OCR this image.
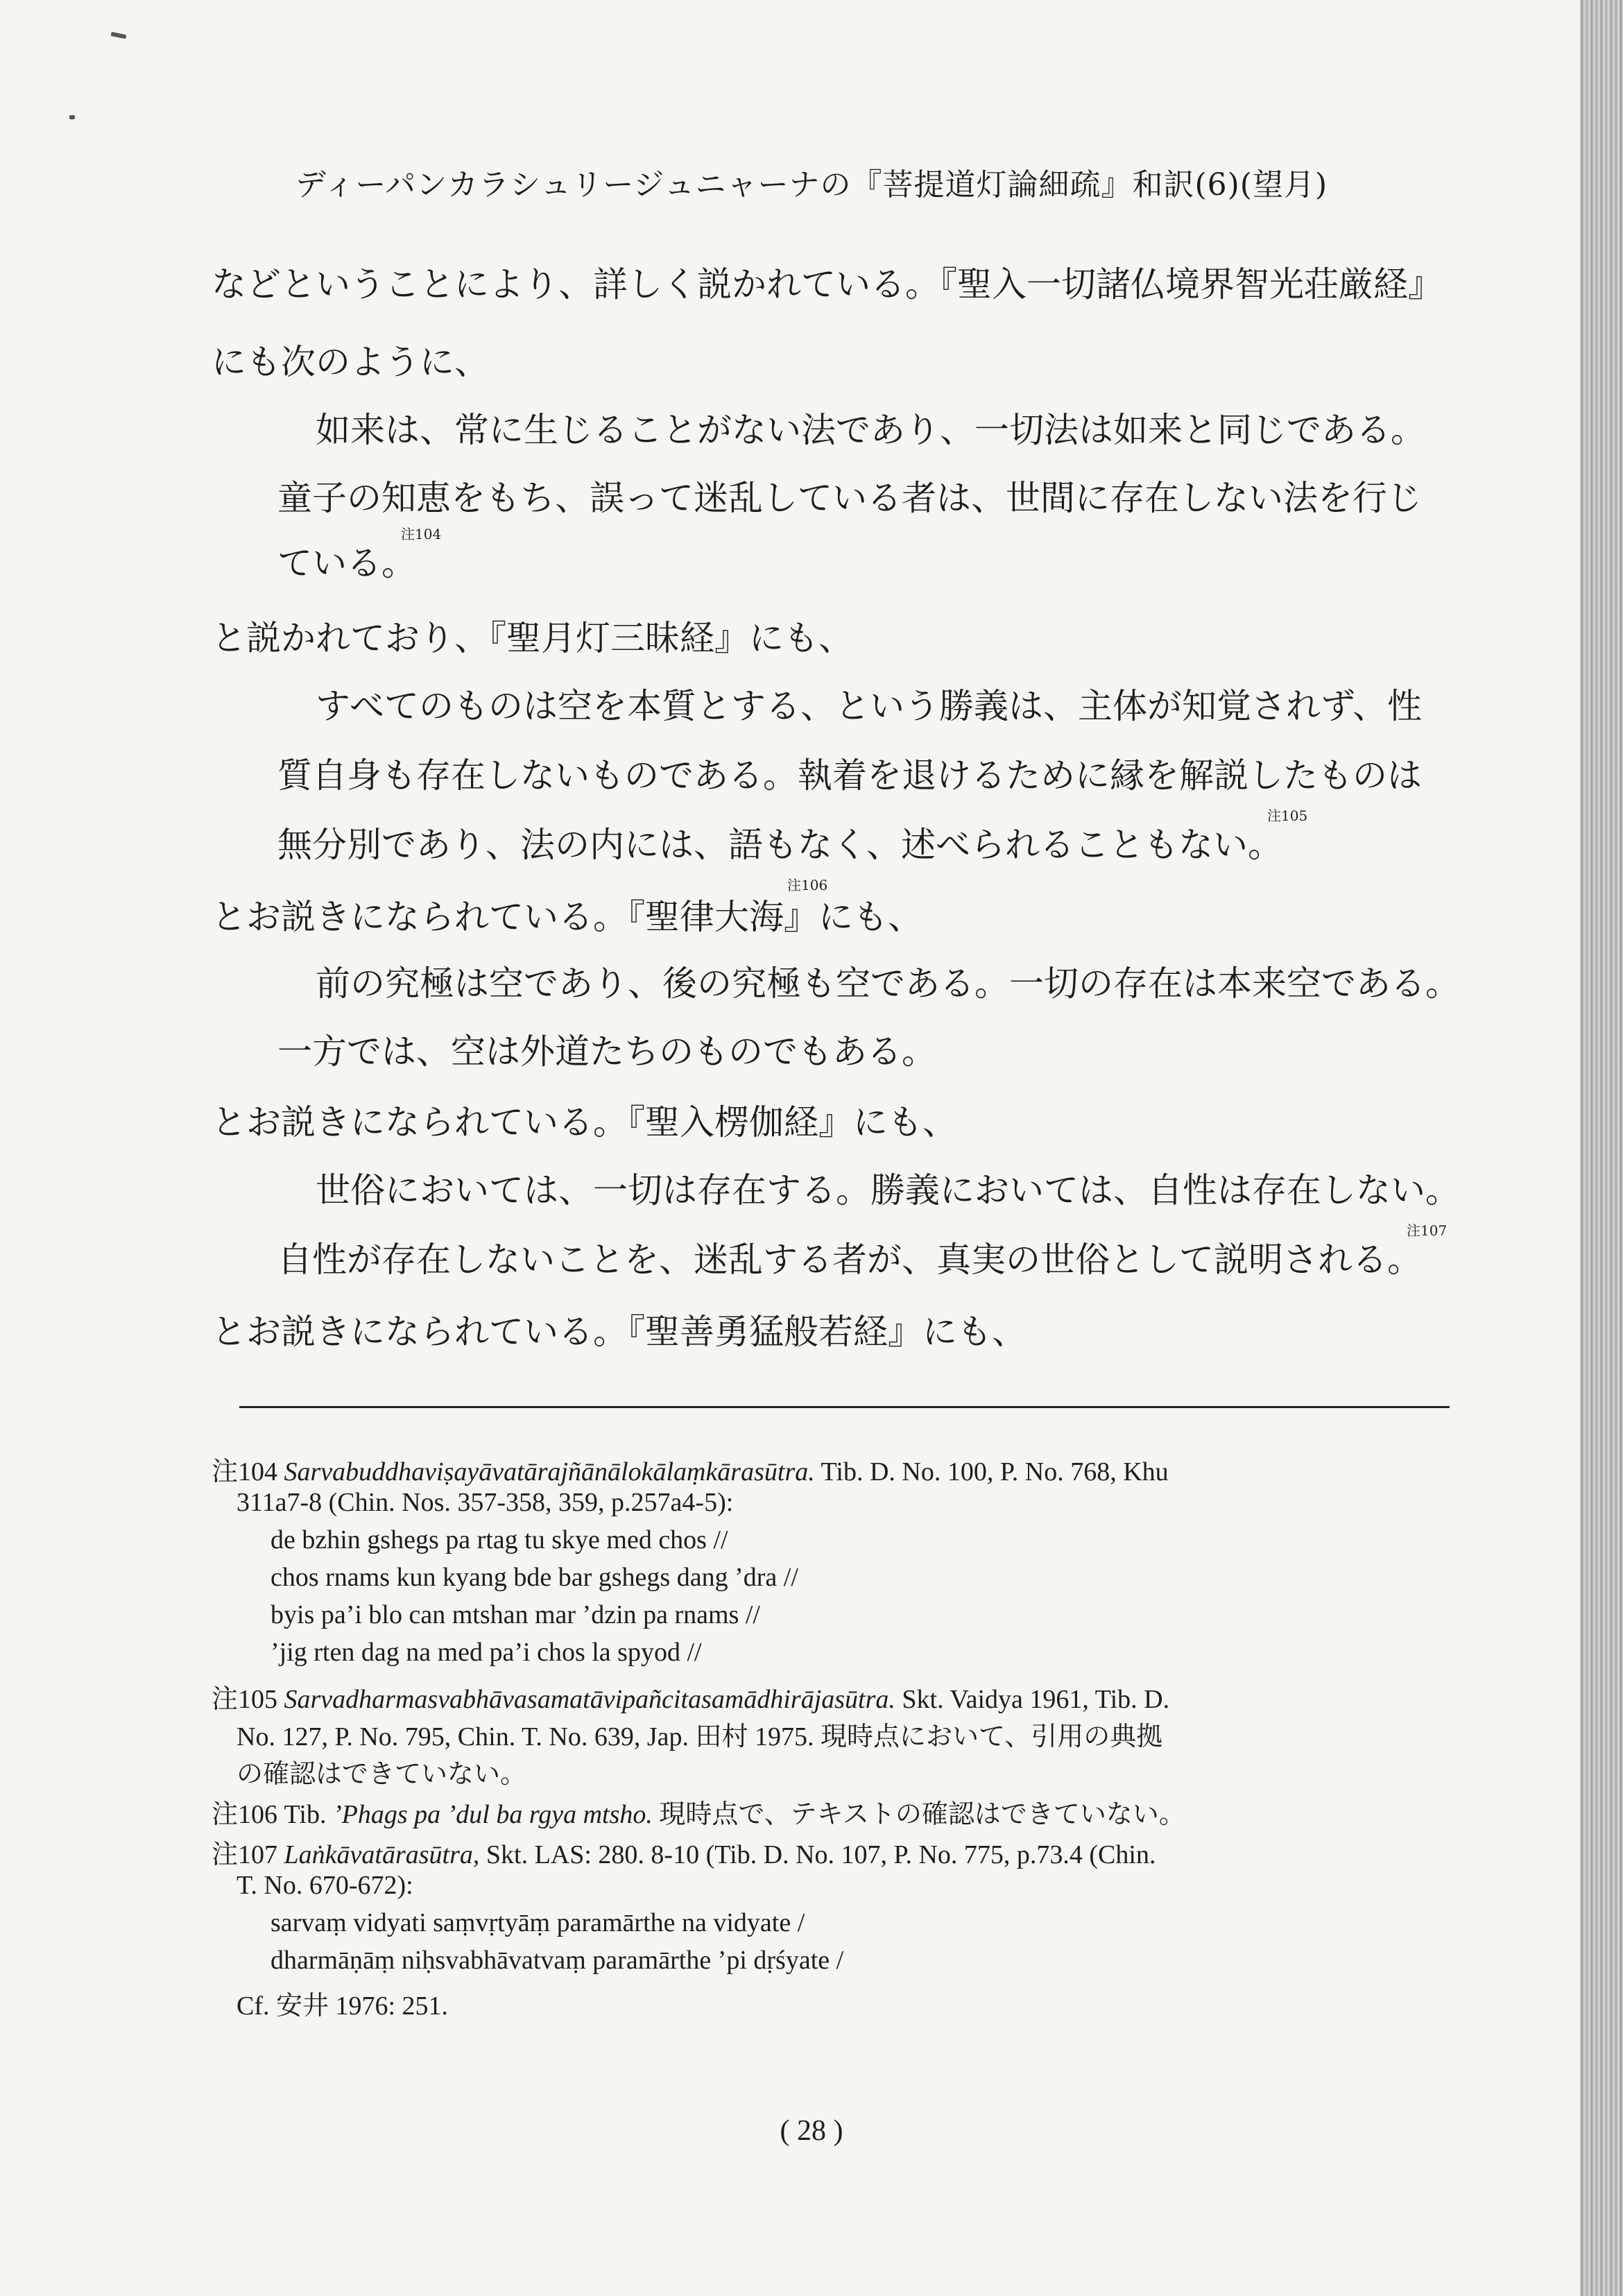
ディーパンカラシュリージュニャーナの『菩提道灯論細疏』和訳(6)(望月)
などということにより、詳しく説かれている。『聖入一切諸仏境界智光荘厳経』
にも次のように、
如来は、常に生じることがない法であり、一切法は如来と同じである。
童子の知恵をもち、誤って迷乱している者は、世間に存在しない法を行じ
ている。$^{注104}$
と説かれており、『聖月灯三昧経』にも、
すべてのものは空を本質とする、という勝義は、主体が知覚されず、性
質自身も存在しないものである。執着を退けるために縁を解説したものは
無分別であり、法の内には、語もなく、述べられることもない。$^{注105}$
とお説きになられている。『聖律大海』にも、
注106
前の究極は空であり、後の究極も空である。一切の存在は本来空である。
一方では、空は外道たちのものでもある。
とお説きになられている。『聖入楞伽経』にも、
世俗においては、一切は存在する。勝義においては、自性は存在しない。
自性が存在しないことを、迷乱する者が、真実の世俗として説明される。$^{注107}$
とお説きになられている。『聖善勇猛般若経』にも、
注104 Sarvabuddhaviṣayāvatārajñānālokālaṃkārasūtra. Tib. D. No. 100, P. No. 768, Khu
311a7-8 (Chin. Nos. 357-358, 359, p.257a4-5):
de bzhin gshegs pa rtag tu skye med chos //
chos rnams kun kyang bde bar gshegs dang ’dra //
byis pa’i blo can mtshan mar ’dzin pa rnams //
’jig rten dag na med pa’i chos la spyod //
注105 Sarvadharmasvabhāvasamatāvipañcitasamādhirājasūtra. Skt. Vaidya 1961, Tib. D.
No. 127, P. No. 795, Chin. T. No. 639, Jap. 田村 1975. 現時点において、引用の典拠
の確認はできていない。
注106 Tib. ’Phags pa ’dul ba rgya mtsho. 現時点で、テキストの確認はできていない。
注107 Laṅkāvatārasūtra, Skt. LAS: 280. 8-10 (Tib. D. No. 107, P. No. 775, p.73.4 (Chin.
T. No. 670-672):
sarvaṃ vidyati saṃvṛtyāṃ paramārthe na vidyate /
dharmāṇāṃ niḥsvabhāvatvaṃ paramārthe ’pi dṛśyate /
Cf. 安井 1976: 251.
( 28 )
